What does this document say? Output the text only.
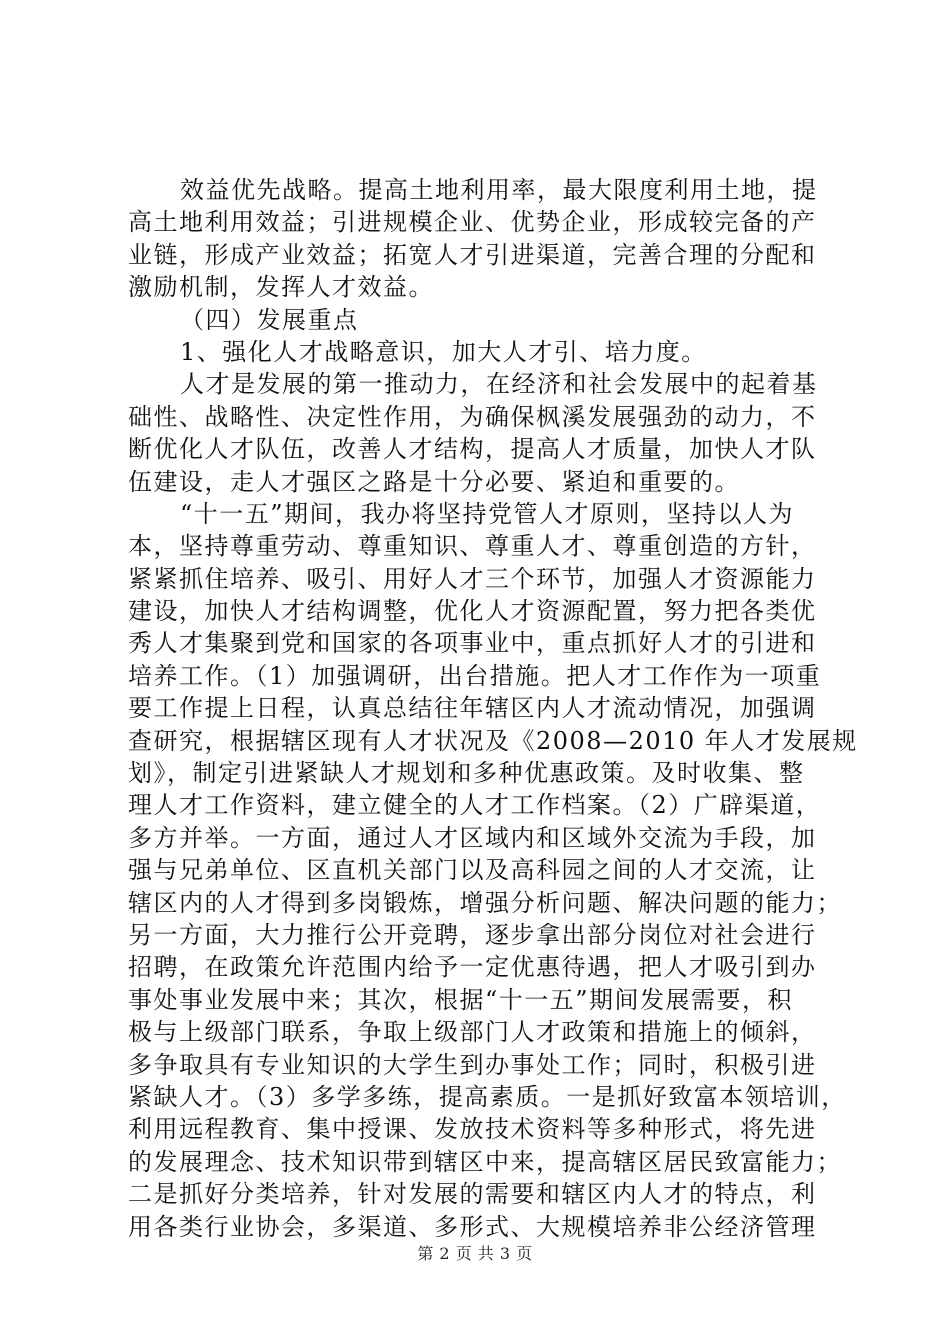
效益优先战略。提高土地利用率，最大限度利用土地，提
高土地利用效益；引进规模企业、优势企业，形成较完备的产
业链，形成产业效益；拓宽人才引进渠道，完善合理的分配和
激励机制，发挥人才效益。
（四）发展重点
1、强化人才战略意识，加大人才引、培力度。
人才是发展的第一推动力，在经济和社会发展中的起着基
础性、战略性、决定性作用，为确保枫溪发展强劲的动力，不
断优化人才队伍，改善人才结构，提高人才质量，加快人才队
伍建设，走人才强区之路是十分必要、紧迫和重要的。
“十一五”期间，我办将坚持党管人才原则，坚持以人为
本，坚持尊重劳动、尊重知识、尊重人才、尊重创造的方针，
紧紧抓住培养、吸引、用好人才三个环节，加强人才资源能力
建设，加快人才结构调整，优化人才资源配置，努力把各类优
秀人才集聚到党和国家的各项事业中，重点抓好人才的引进和
培养工作。（1）加强调研，出台措施。把人才工作作为一项重
要工作提上日程，认真总结往年辖区内人才流动情况，加强调
查研究，根据辖区现有人才状况及《2008—2010 年人才发展规
划》，制定引进紧缺人才规划和多种优惠政策。及时收集、整
理人才工作资料，建立健全的人才工作档案。（2）广辟渠道，
多方并举。一方面，通过人才区域内和区域外交流为手段，加
强与兄弟单位、区直机关部门以及高科园之间的人才交流，让
辖区内的人才得到多岗锻炼，增强分析问题、解决问题的能力；
另一方面，大力推行公开竞聘，逐步拿出部分岗位对社会进行
招聘，在政策允许范围内给予一定优惠待遇，把人才吸引到办
事处事业发展中来；其次，根据“十一五”期间发展需要，积
极与上级部门联系，争取上级部门人才政策和措施上的倾斜，
多争取具有专业知识的大学生到办事处工作；同时，积极引进
紧缺人才。（3）多学多练，提高素质。一是抓好致富本领培训，
利用远程教育、集中授课、发放技术资料等多种形式，将先进
的发展理念、技术知识带到辖区中来，提高辖区居民致富能力；
二是抓好分类培养，针对发展的需要和辖区内人才的特点，利
用各类行业协会，多渠道、多形式、大规模培养非公经济管理
第 2 页 共 3 页
